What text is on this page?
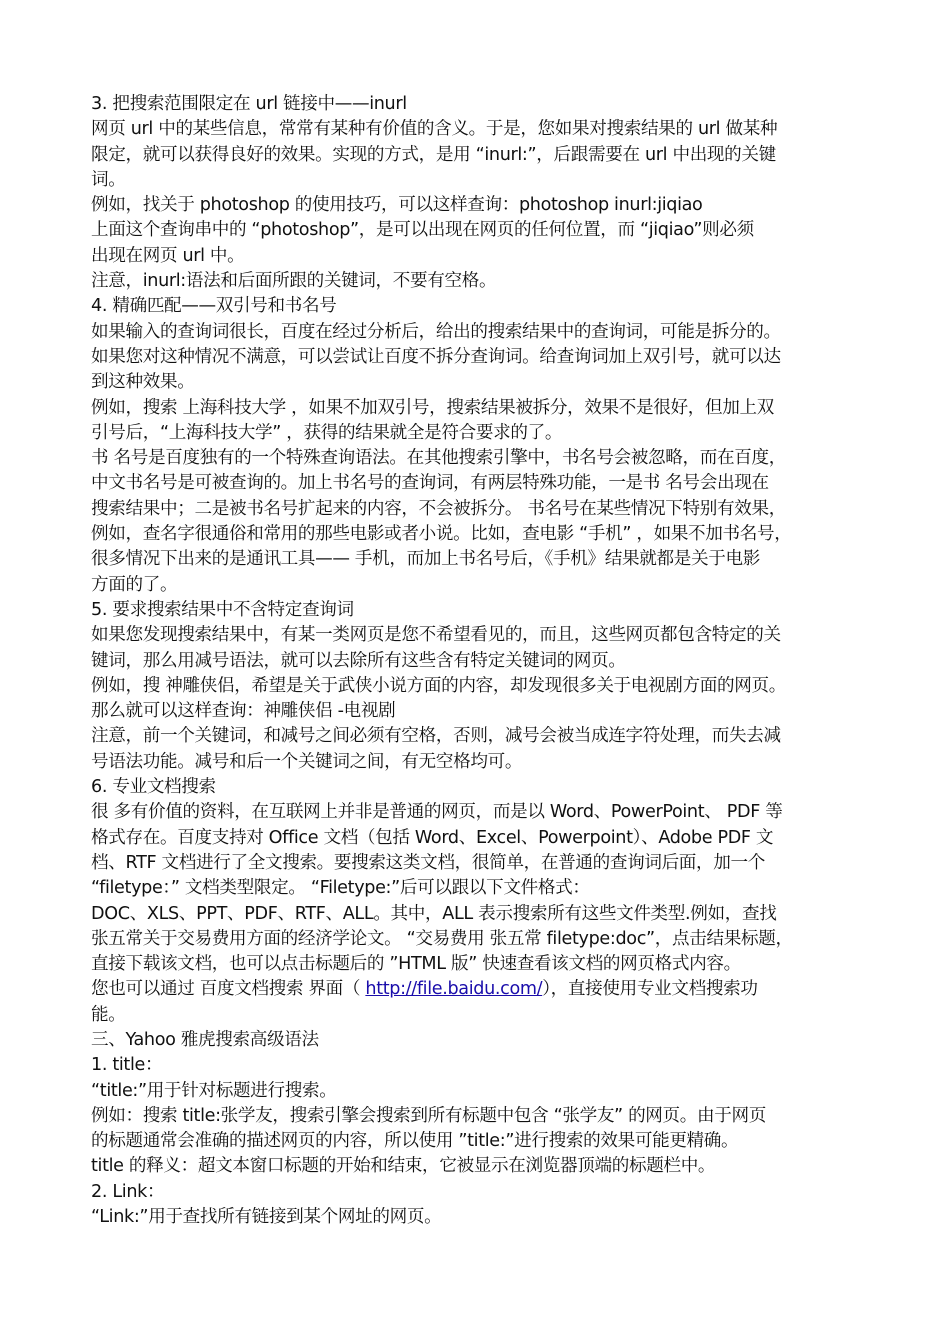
3. 把搜索范围限定在 url 链接中——inurl
网页 url 中的某些信息，常常有某种有价值的含义。于是，您如果对搜索结果的 url 做某种
限定，就可以获得良好的效果。实现的方式，是用 “inurl:”，后跟需要在 url 中出现的关键
词。
例如，找关于 photoshop 的使用技巧，可以这样查询：photoshop inurl:jiqiao
上面这个查询串中的 “photoshop”，是可以出现在网页的任何位置，而 “jiqiao”则必须
出现在网页 url 中。
注意，inurl:语法和后面所跟的关键词，不要有空格。
4. 精确匹配——双引号和书名号
如果输入的查询词很长，百度在经过分析后，给出的搜索结果中的查询词，可能是拆分的。
如果您对这种情况不满意，可以尝试让百度不拆分查询词。给查询词加上双引号，就可以达
到这种效果。
例如，搜索 上海科技大学 ，如果不加双引号，搜索结果被拆分，效果不是很好，但加上双
引号后，“上海科技大学” ，获得的结果就全是符合要求的了。
书 名号是百度独有的一个特殊查询语法。在其他搜索引擎中，书名号会被忽略，而在百度，
中文书名号是可被查询的。加上书名号的查询词，有两层特殊功能，一是书 名号会出现在
搜索结果中；二是被书名号扩起来的内容，不会被拆分。 书名号在某些情况下特别有效果，
例如，查名字很通俗和常用的那些电影或者小说。比如，查电影 “手机” ，如果不加书名号，
很多情况下出来的是通讯工具—— 手机，而加上书名号后，《手机》结果就都是关于电影
方面的了。
5. 要求搜索结果中不含特定查询词
如果您发现搜索结果中，有某一类网页是您不希望看见的，而且，这些网页都包含特定的关
键词，那么用减号语法，就可以去除所有这些含有特定关键词的网页。
例如，搜 神雕侠侣，希望是关于武侠小说方面的内容，却发现很多关于电视剧方面的网页。
那么就可以这样查询：神雕侠侣 -电视剧
注意，前一个关键词，和减号之间必须有空格，否则，减号会被当成连字符处理，而失去减
号语法功能。减号和后一个关键词之间，有无空格均可。
6. 专业文档搜索
很 多有价值的资料，在互联网上并非是普通的网页，而是以 Word、PowerPoint、 PDF 等
格式存在。百度支持对 Office 文档（包括 Word、Excel、Powerpoint）、Adobe PDF 文
档、RTF 文档进行了全文搜索。要搜索这类文档，很简单，在普通的查询词后面，加一个
“filetype：” 文档类型限定。 “Filetype:”后可以跟以下文件格式：
DOC、XLS、PPT、PDF、RTF、ALL。其中，ALL 表示搜索所有这些文件类型.例如，查找
张五常关于交易费用方面的经济学论文。 “交易费用 张五常 filetype:doc”，点击结果标题，
直接下载该文档，也可以点击标题后的 ”HTML 版” 快速查看该文档的网页格式内容。
您也可以通过 百度文档搜索 界面（ http://file.baidu.com/），直接使用专业文档搜索功
能。
三、Yahoo 雅虎搜索高级语法
1. title：
“title:”用于针对标题进行搜索。
例如：搜索 title:张学友，搜索引擎会搜索到所有标题中包含 “张学友” 的网页。由于网页
的标题通常会准确的描述网页的内容，所以使用 ”title:”进行搜索的效果可能更精确。
title 的释义：超文本窗口标题的开始和结束，它被显示在浏览器顶端的标题栏中。
2. Link：
“Link:”用于查找所有链接到某个网址的网页。
